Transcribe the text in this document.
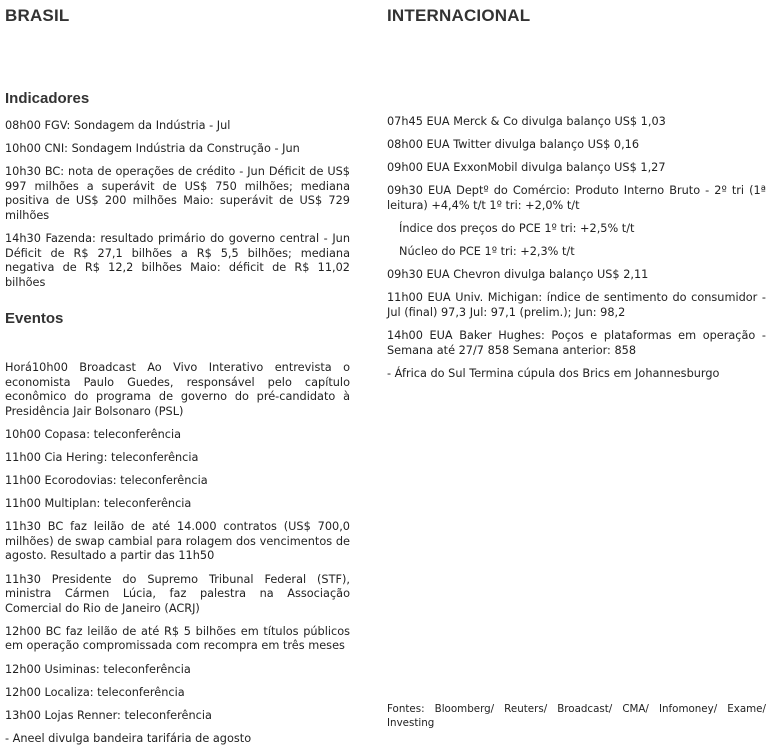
BRASIL
Indicadores
08h00 FGV: Sondagem da Indústria - Jul
10h00 CNI: Sondagem Indústria da Construção - Jun
10h30 BC: nota de operações de crédito - Jun Déficit de US$ 997 milhões a superávit de US$ 750 milhões; mediana positiva de US$ 200 milhões Maio: superávit de US$ 729 milhões
14h30 Fazenda: resultado primário do governo central - Jun Déficit de R$ 27,1 bilhões a R$ 5,5 bilhões; mediana negativa de R$ 12,2 bilhões Maio: déficit de R$ 11,02 bilhões
Eventos
Horá10h00 Broadcast Ao Vivo Interativo entrevista o economista Paulo Guedes, responsável pelo capítulo econômico do programa de governo do pré-candidato à Presidência Jair Bolsonaro (PSL)
10h00 Copasa: teleconferência
11h00 Cia Hering: teleconferência
11h00 Ecorodovias: teleconferência
11h00 Multiplan: teleconferência
11h30 BC faz leilão de até 14.000 contratos (US$ 700,0 milhões) de swap cambial para rolagem dos vencimentos de agosto. Resultado a partir das 11h50
11h30 Presidente do Supremo Tribunal Federal (STF), ministra Cármen Lúcia, faz palestra na Associação Comercial do Rio de Janeiro (ACRJ)
12h00 BC faz leilão de até R$ 5 bilhões em títulos públicos em operação compromissada com recompra em três meses
12h00 Usiminas: teleconferência
12h00 Localiza: teleconferência
13h00 Lojas Renner: teleconferência
- Aneel divulga bandeira tarifária de agosto
INTERNACIONAL
07h45 EUA Merck & Co divulga balanço US$ 1,03
08h00 EUA Twitter divulga balanço US$ 0,16
09h00 EUA ExxonMobil divulga balanço US$ 1,27
09h30 EUA Deptº do Comércio: Produto Interno Bruto - 2º tri (1ª leitura) +4,4% t/t 1º tri: +2,0% t/t
Índice dos preços do PCE 1º tri: +2,5% t/t
Núcleo do PCE 1º tri: +2,3% t/t
09h30 EUA Chevron divulga balanço US$ 2,11
11h00 EUA Univ. Michigan: índice de sentimento do consumidor - Jul (final) 97,3 Jul: 97,1 (prelim.); Jun: 98,2
14h00 EUA Baker Hughes: Poços e plataformas em operação - Semana até 27/7 858 Semana anterior: 858
- África do Sul Termina cúpula dos Brics em Johannesburgo
Fontes: Bloomberg/ Reuters/ Broadcast/ CMA/ Infomoney/ Exame/ Investing
